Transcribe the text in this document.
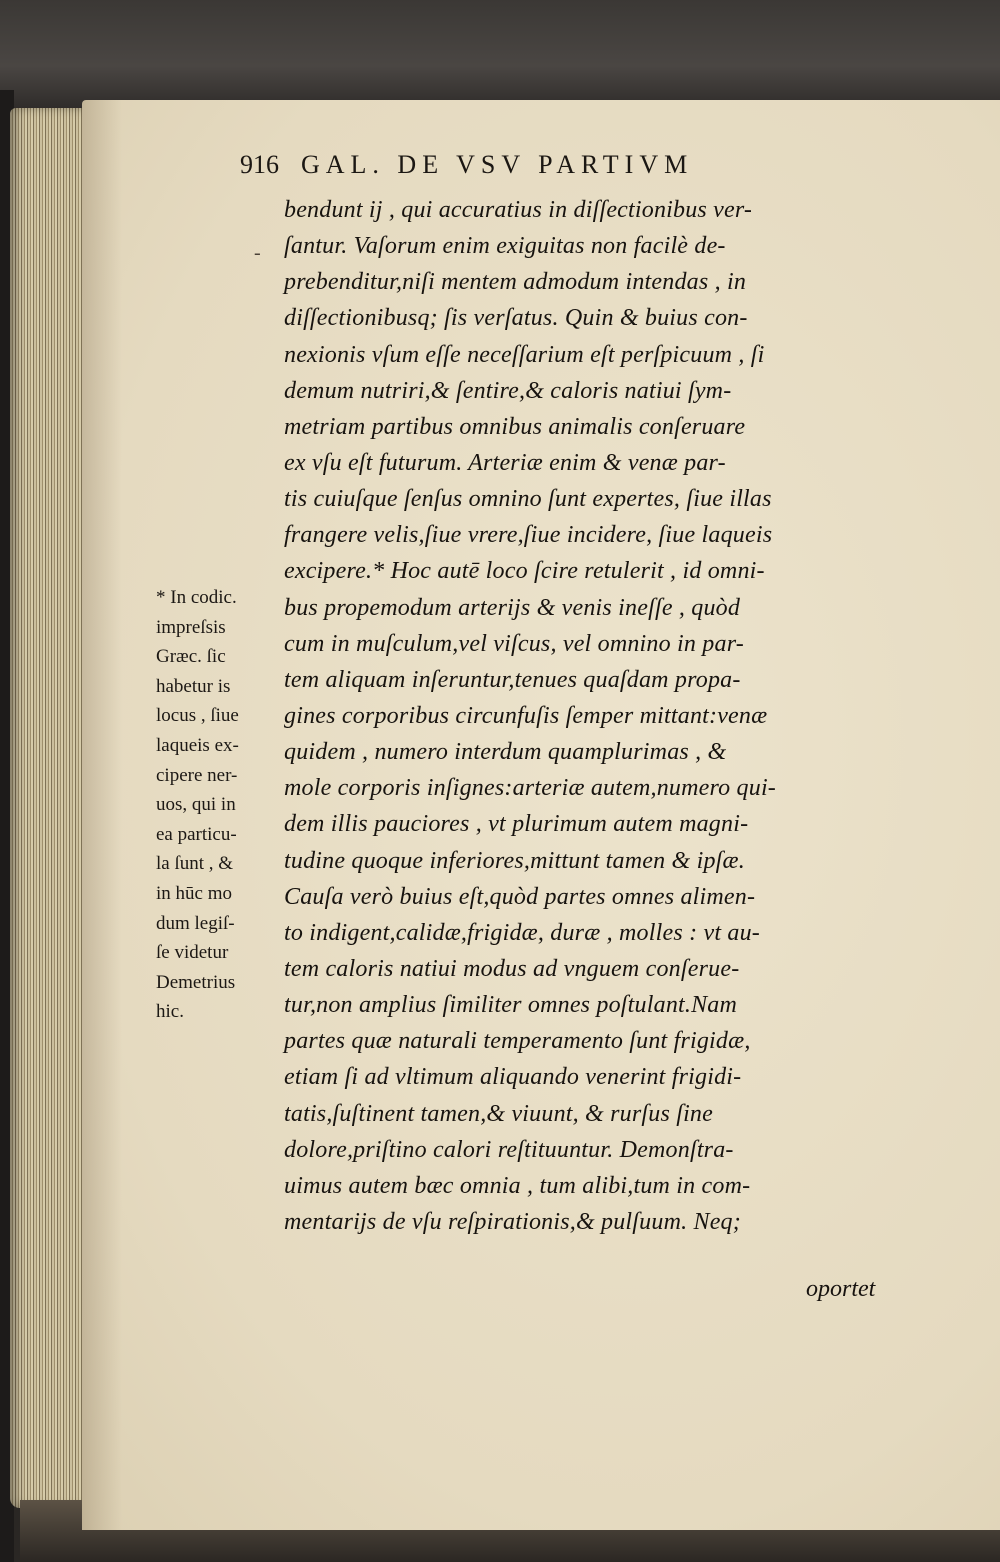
916 GAL. DE VSV PARTIVM
-
bendunt ij , qui accuratius in diſſectionibus ver-
ſantur. Vaſorum enim exiguitas non facilè de-
prebenditur,niſi mentem admodum intendas , in
diſſectionibusq; ſis verſatus. Quin & buius con-
nexionis vſum eſſe neceſſarium eſt perſpicuum , ſi
demum nutriri,& ſentire,& caloris natiui ſym-
metriam partibus omnibus animalis conſeruare
ex vſu eſt futurum. Arteriæ enim & venæ par-
tis cuiuſque ſenſus omnino ſunt expertes, ſiue illas
frangere velis,ſiue vrere,ſiue incidere, ſiue laqueis
excipere.* Hoc autē loco ſcire retulerit , id omni-
bus propemodum arterijs & venis ineſſe , quòd
cum in muſculum,vel viſcus, vel omnino in par-
tem aliquam inſeruntur,tenues quaſdam propa-
gines corporibus circunfuſis ſemper mittant:venæ
quidem , numero interdum quamplurimas , &
mole corporis inſignes:arteriæ autem,numero qui-
dem illis pauciores , vt plurimum autem magni-
tudine quoque inferiores,mittunt tamen & ipſæ.
Cauſa verò buius eſt,quòd partes omnes alimen-
to indigent,calidæ,frigidæ, duræ , molles : vt au-
tem caloris natiui modus ad vnguem conſerue-
tur,non amplius ſimiliter omnes poſtulant.Nam
partes quæ naturali temperamento ſunt frigidæ,
etiam ſi ad vltimum aliquando venerint frigidi-
tatis,ſuſtinent tamen,& viuunt, & rurſus ſine
dolore,priſtino calori reſtituuntur. Demonſtra-
uimus autem bæc omnia , tum alibi,tum in com-
mentarijs de vſu reſpirationis,& pulſuum. Neq;
* In codic.
impreſsis
Græc. ſic
habetur is
locus , ſiue
laqueis ex-
cipere ner-
uos, qui in
ea particu-
la ſunt , &
in hūc mo
dum legiſ-
ſe videtur
Demetrius
hic.
oportet
